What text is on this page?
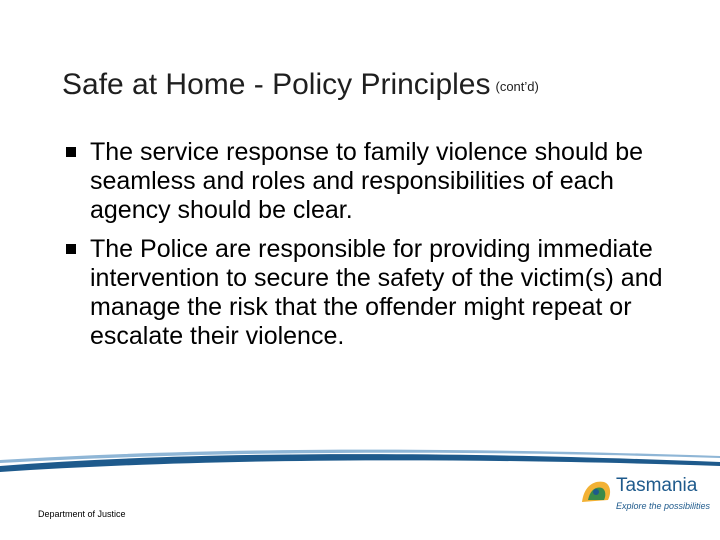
Safe at Home - Policy Principles (cont’d)
The service response to family violence should be seamless and roles and responsibilities of each agency should be clear.
The Police are responsible for providing immediate intervention to secure the safety of the victim(s) and manage the risk that the offender might repeat or escalate their violence.
Tasmania
Explore the possibilities
Department of Justice
